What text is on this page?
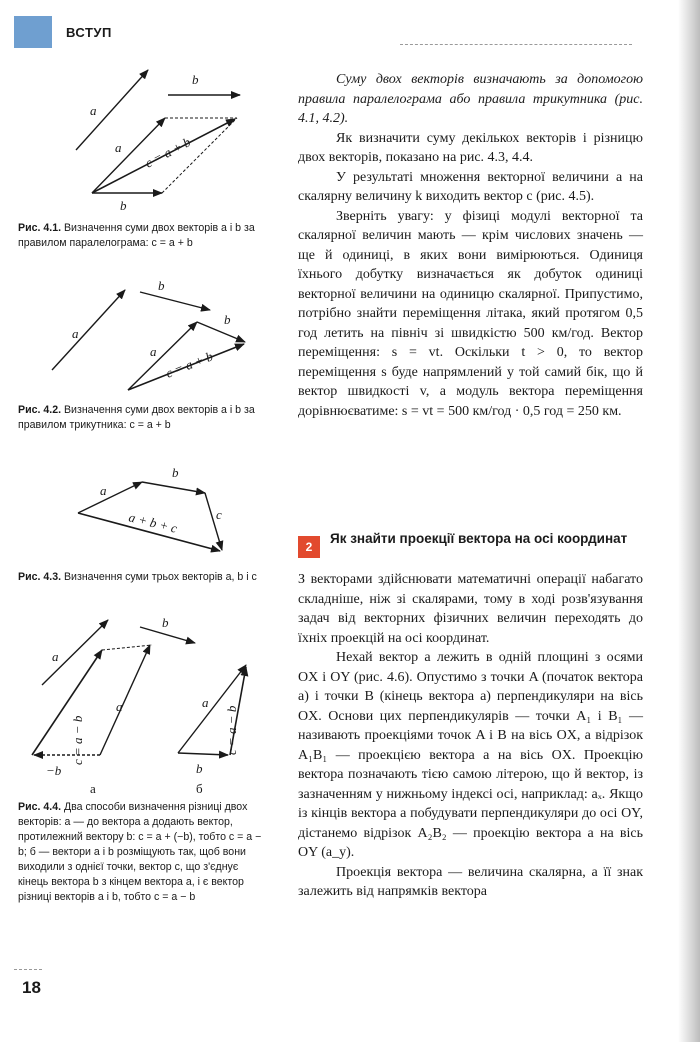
ВСТУП
a
b
a
b
c = a + b
Рис. 4.1. Визначення суми двох векторів a і b за правилом паралелограма: c = a + b
a
b
a
b
c = a + b
Рис. 4.2. Визначення суми двох векторів a і b за правилом трикутника: c = a + b
a
b
c
a + b + c
Рис. 4.3. Визначення суми трьох векторів a, b і c
a
b
a
c = a − b
−b
а
b
a
c = a − b
б
Рис. 4.4. Два способи визначення різниці двох векторів: а — до вектора a додають вектор, протилежний вектору b: c = a + (−b), тобто c = a − b; б — вектори a і b розміщують так, щоб вони виходили з однієї точки, вектор c, що з'єднує кінець вектора b з кінцем вектора a, і є вектор різниці векторів a і b, тобто c = a − b

Суму двох векторів визначають за допомогою правила паралелограма або правила трикутника (рис. 4.1, 4.2).

Як визначити суму декількох векторів і різницю двох векторів, показано на рис. 4.3, 4.4.

У результаті множення векторної величини a на скалярну величину k виходить вектор c (рис. 4.5).

Зверніть увагу: у фізиці модулі векторної та скалярної величин мають — крім числових значень — ще й одиниці, в яких вони вимірюються. Одиниця їхнього добутку визначається як добуток одиниці векторної величини на одиницю скалярної. Припустимо, потрібно знайти переміщення літака, який протягом 0,5 год летить на північ зі швидкістю 500 км/год. Вектор переміщення: s = vt. Оскільки t > 0, то вектор переміщення s буде напрямлений у той самий бік, що й вектор швидкості v, а модуль вектора переміщення дорівнюєватиме: s = vt = 500 км/год · 0,5 год = 250 км.

2
Як знайти проекції вектора на осі координат

З векторами здійснювати математичні операції набагато складніше, ніж зі скалярами, тому в ході розв'язування задач від векторних фізичних величин переходять до їхніх проекцій на осі координат.

Нехай вектор a лежить в одній площині з осями OX і OY (рис. 4.6). Опустимо з точки A (початок вектора a) і точки B (кінець вектора a) перпендикуляри на вісь OX. Основи цих перпендикулярів — точки A₁ і B₁ — називають проекціями точок A і B на вісь OX, а відрізок A₁B₁ — проекцією вектора a на вісь OX. Проекцію вектора позначають тією самою літерою, що й вектор, із зазначенням у нижньому індексі осі, наприклад: aₓ. Якщо із кінців вектора a побудувати перпендикуляри до осі OY, дістанемо відрізок A₂B₂ — проекцію вектора a на вісь OY (a_y).

Проекція вектора — величина скалярна, а її знак залежить від напрямків вектора

18
